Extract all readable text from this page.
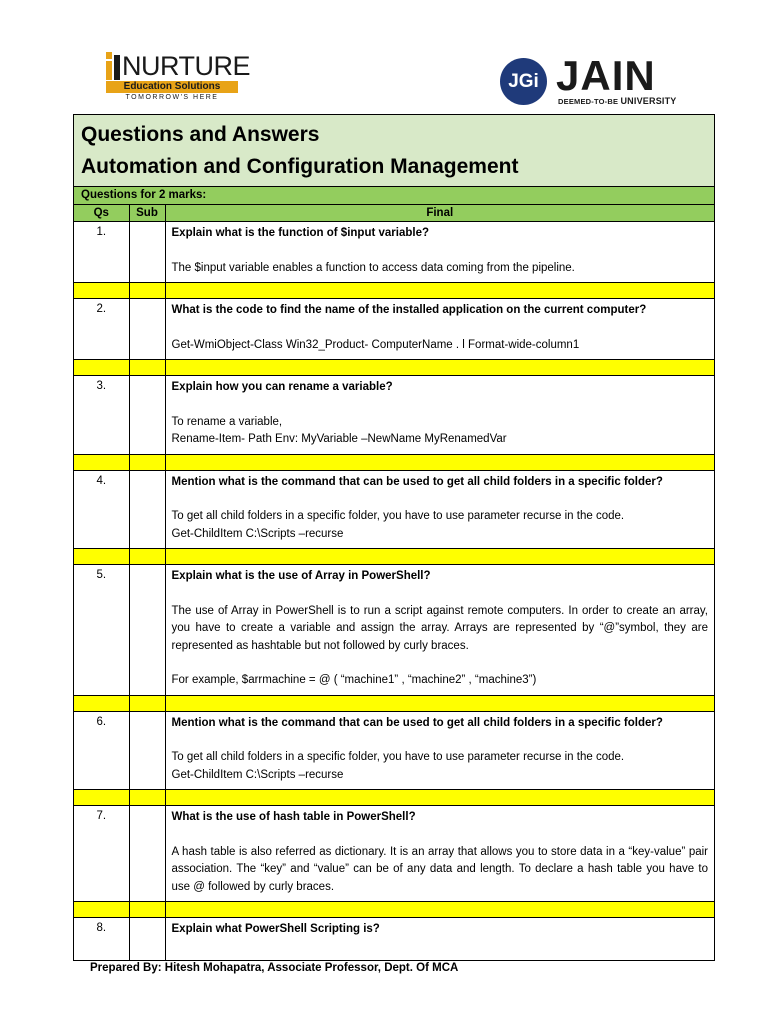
NURTURE
Education Solutions
TOMORROW'S HERE
JGi JAIN
DEEMED-TO-BE UNIVERSITY
Questions and Answers
Automation and Configuration Management
Questions for 2 marks:
Qs	Sub	Final
1.		Explain what is the function of $input variable?

The $input variable enables a function to access data coming from the pipeline.

2.		What is the code to find the name of the installed application on the current computer?

Get-WmiObject-Class Win32_Product- ComputerName . l Format-wide-column1

3.		Explain how you can rename a variable?

To rename a variable,

Rename-Item- Path Env: MyVariable –NewName MyRenamedVar

4.		Mention what is the command that can be used to get all child folders in a specific folder?

To get all child folders in a specific folder, you have to use parameter recurse in the code.

Get-ChildItem C:\Scripts –recurse

5.		Explain what is the use of Array in PowerShell?

The use of Array in PowerShell is to run a script against remote computers. In order to create an array, you have to create a variable and assign the array. Arrays are represented by “@”symbol, they are represented as hashtable but not followed by curly braces.

For example, $arrmachine = @ ( “machine1” , “machine2” , “machine3”)

6.		Mention what is the command that can be used to get all child folders in a specific folder?

To get all child folders in a specific folder, you have to use parameter recurse in the code.

Get-ChildItem C:\Scripts –recurse

7.		What is the use of hash table in PowerShell?

A hash table is also referred as dictionary. It is an array that allows you to store data in a “key-value” pair association. The “key” and “value” can be of any data and length. To declare a hash table you have to use @ followed by curly braces.

8.		Explain what PowerShell Scripting is?
Prepared By: Hitesh Mohapatra, Associate Professor, Dept. Of MCA
